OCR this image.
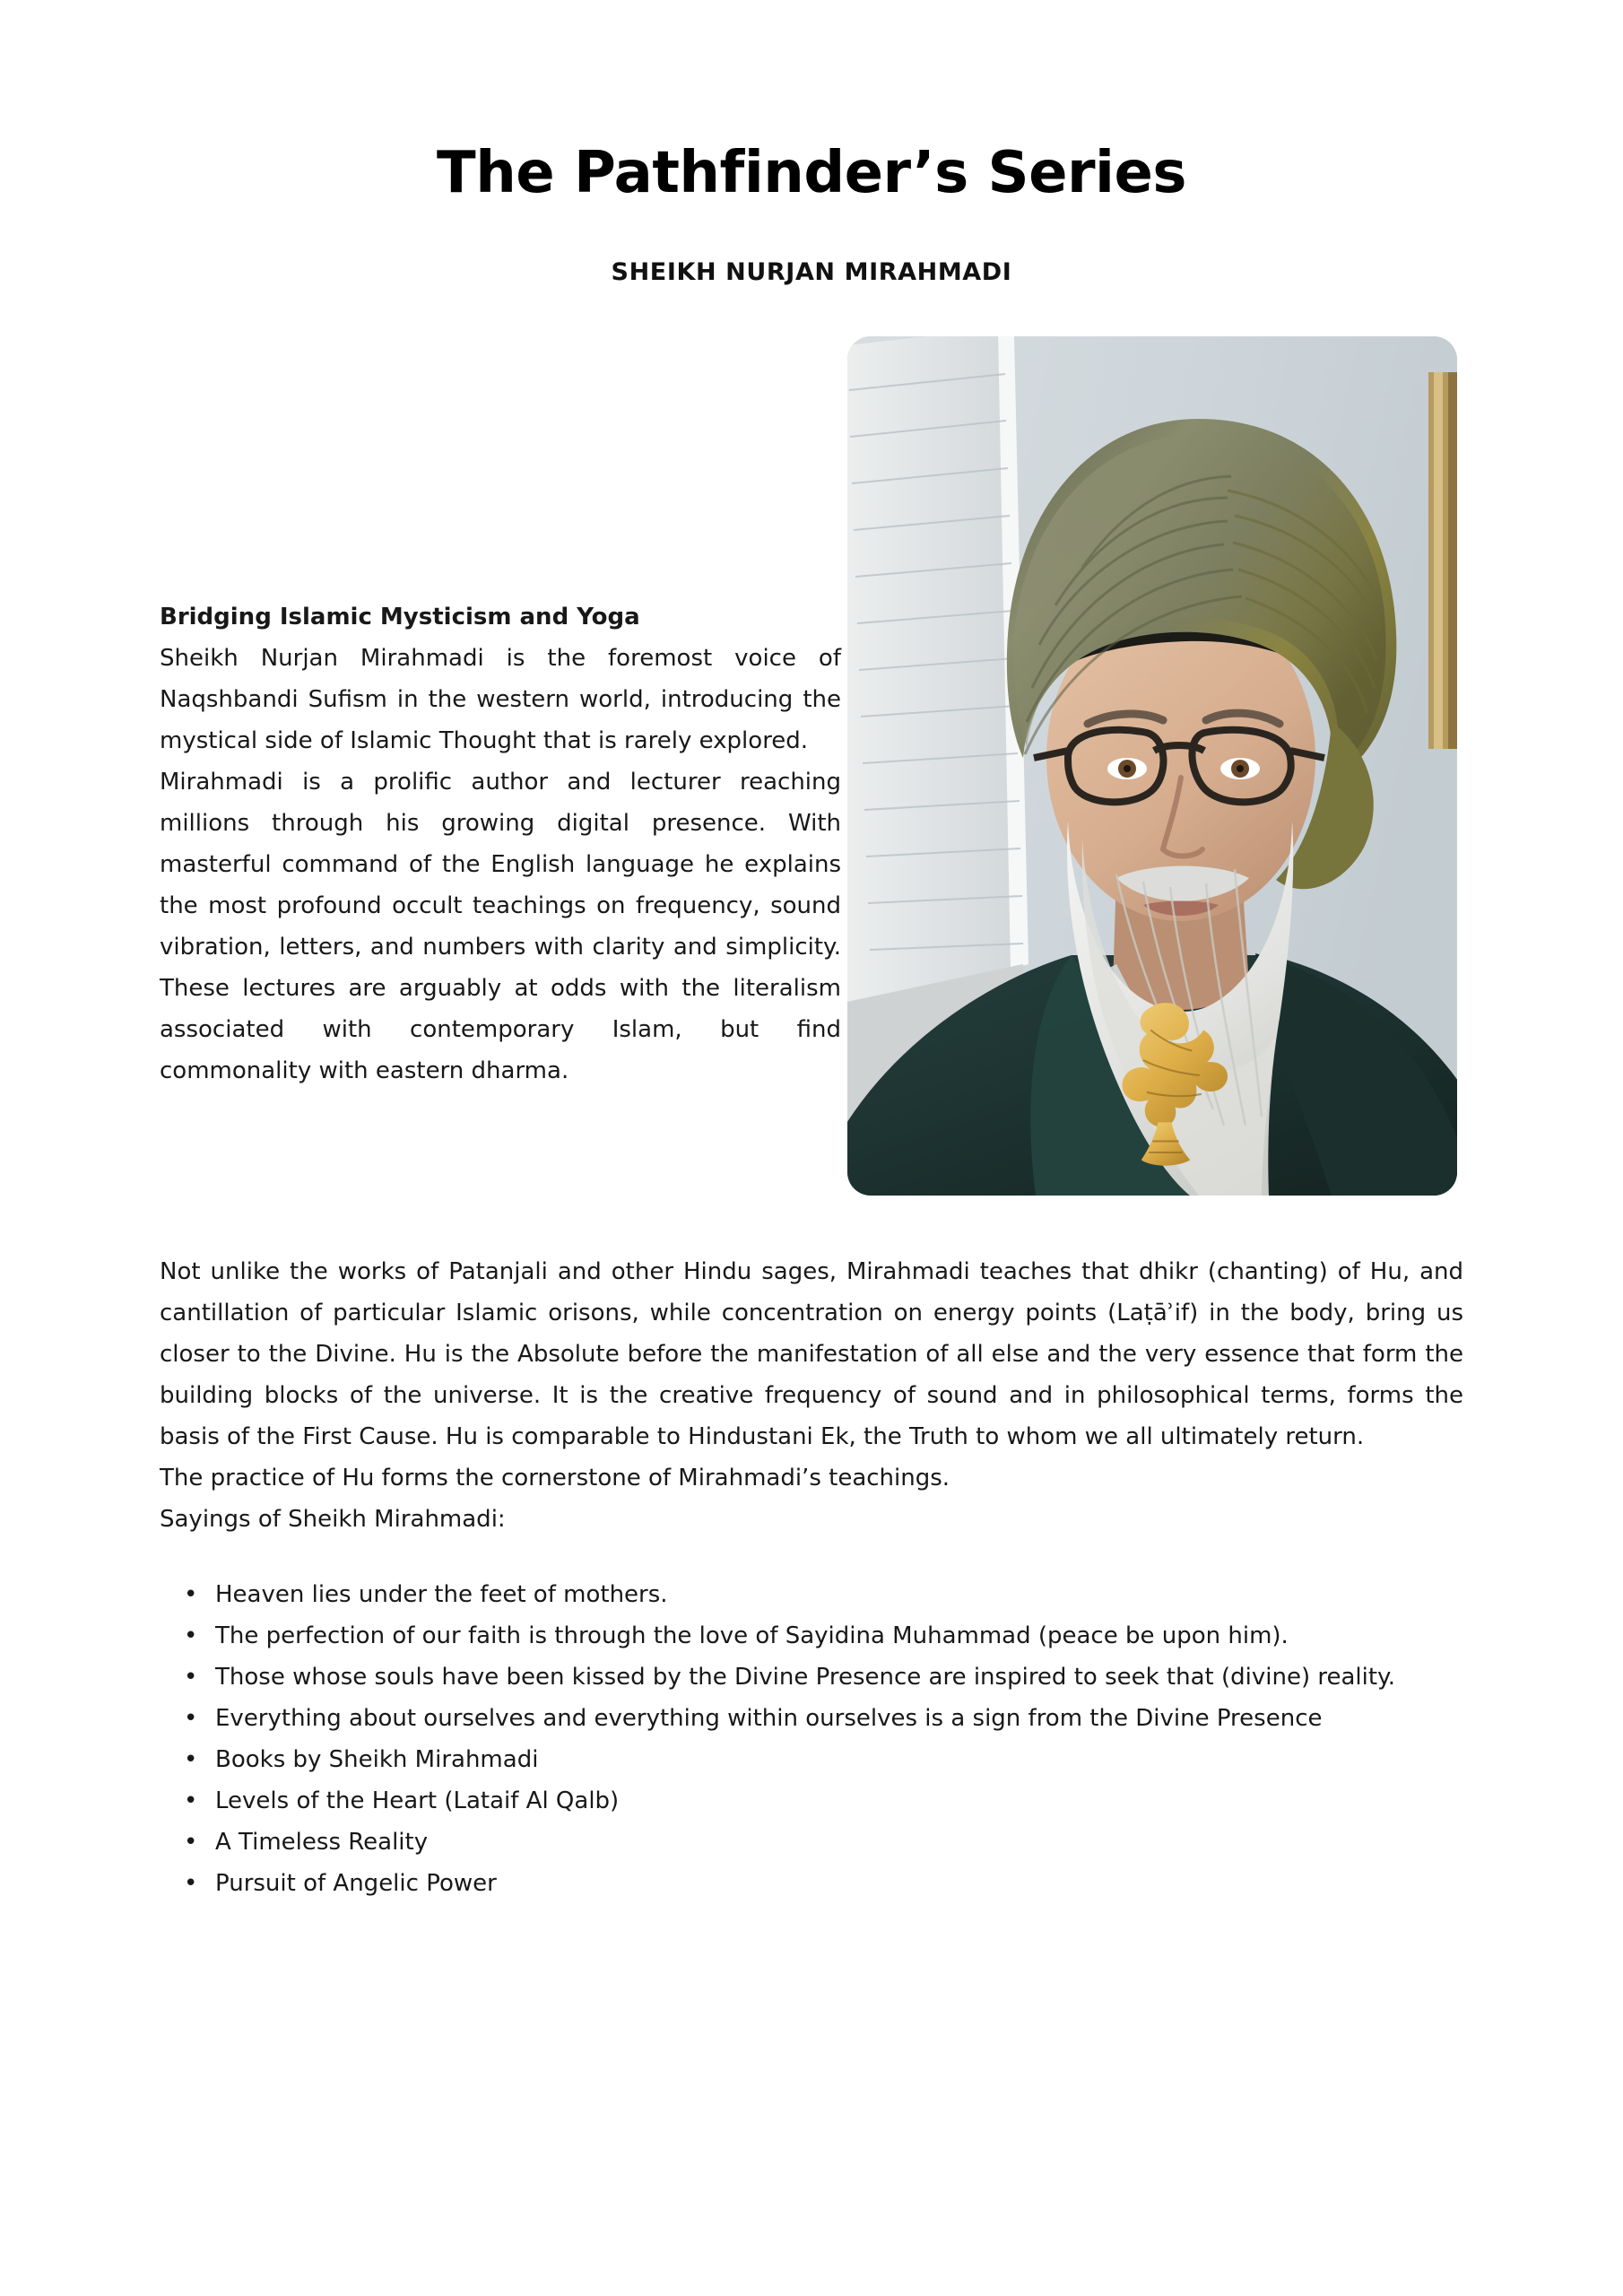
The Pathfinder’s Series
SHEIKH NURJAN MIRAHMADI

Bridging Islamic Mysticism and Yoga

Sheikh Nurjan Mirahmadi is the foremost voice of Naqshbandi Sufism in the western world, introducing the mystical side of Islamic Thought that is rarely explored.

Mirahmadi is a prolific author and lecturer reaching millions through his growing digital presence. With masterful command of the English language he explains the most profound occult teachings on frequency, sound vibration, letters, and numbers with clarity and simplicity. These lectures are arguably at odds with the literalism associated with contemporary Islam, but find commonality with eastern dharma.

Not unlike the works of Patanjali and other Hindu sages, Mirahmadi teaches that dhikr (chanting) of Hu, and cantillation of particular Islamic orisons, while concentration on energy points (Laṭāʾif) in the body, bring us closer to the Divine. Hu is the Absolute before the manifestation of all else and the very essence that form the building blocks of the universe. It is the creative frequency of sound and in philosophical terms, forms the basis of the First Cause. Hu is comparable to Hindustani Ek, the Truth to whom we all ultimately return.

The practice of Hu forms the cornerstone of Mirahmadi’s teachings.

Sayings of Sheikh Mirahmadi:

• Heaven lies under the feet of mothers.
• The perfection of our faith is through the love of Sayidina Muhammad (peace be upon him).
• Those whose souls have been kissed by the Divine Presence are inspired to seek that (divine) reality.
• Everything about ourselves and everything within ourselves is a sign from the Divine Presence
• Books by Sheikh Mirahmadi
• Levels of the Heart (Lataif Al Qalb)
• A Timeless Reality
• Pursuit of Angelic Power
